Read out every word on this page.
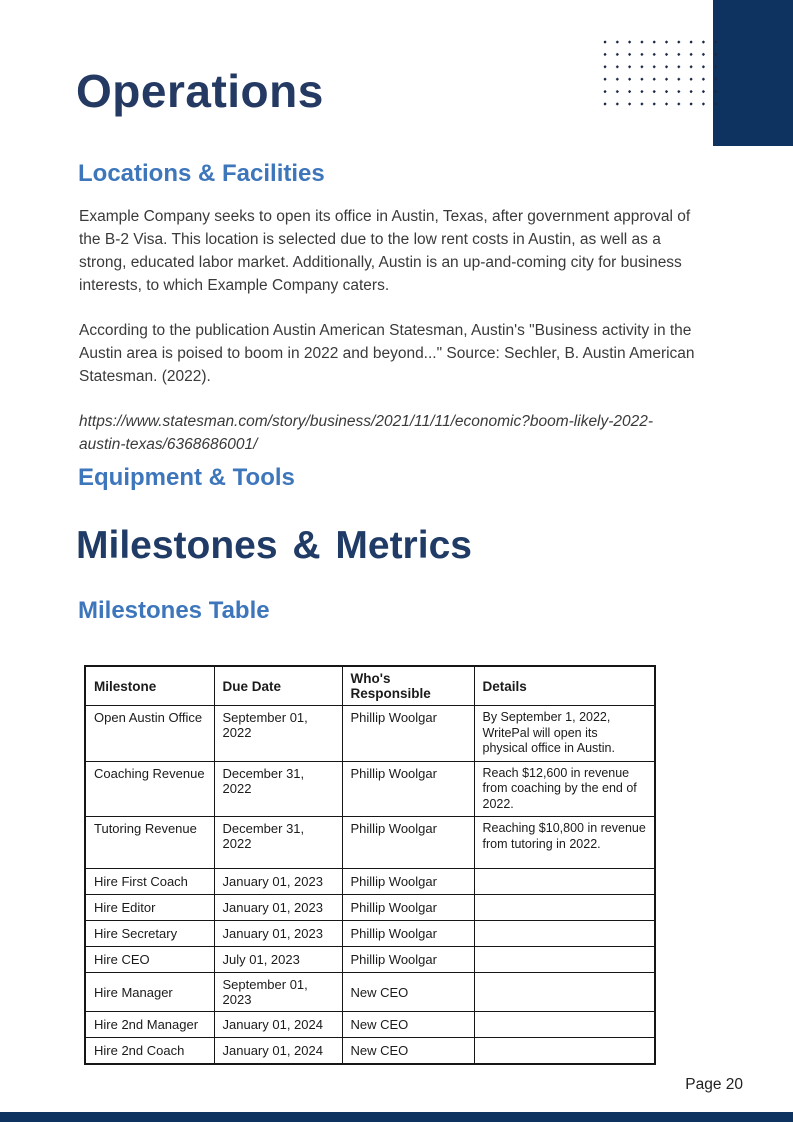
Operations
Locations & Facilities

Example Company seeks to open its office in Austin, Texas, after government approval of the B-2 Visa. This location is selected due to the low rent costs in Austin, as well as a strong, educated labor market. Additionally, Austin is an up-and-coming city for business interests, to which Example Company caters.

According to the publication Austin American Statesman, Austin's "Business activity in the Austin area is poised to boom in 2022 and beyond..." Source: Sechler, B. Austin American Statesman. (2022).

https://www.statesman.com/story/business/2021/11/11/economic?boom-likely-2022-austin-texas/6368686001/

Equipment & Tools
Milestones & Metrics
Milestones Table
Milestone	Due Date	Who's Responsible	Details
Open Austin Office	September 01, 2022	Phillip Woolgar	By September 1, 2022, WritePal will open its physical office in Austin.
Coaching Revenue	December 31, 2022	Phillip Woolgar	Reach $12,600 in revenue from coaching by the end of 2022.
Tutoring Revenue	December 31, 2022	Phillip Woolgar	Reaching $10,800 in revenue from tutoring in 2022.
Hire First Coach	January 01, 2023	Phillip Woolgar	
Hire Editor	January 01, 2023	Phillip Woolgar	
Hire Secretary	January 01, 2023	Phillip Woolgar	
Hire CEO	July 01, 2023	Phillip Woolgar	
Hire Manager	September 01, 2023	New CEO	
Hire 2nd Manager	January 01, 2024	New CEO	
Hire 2nd Coach	January 01, 2024	New CEO	
Page 20
